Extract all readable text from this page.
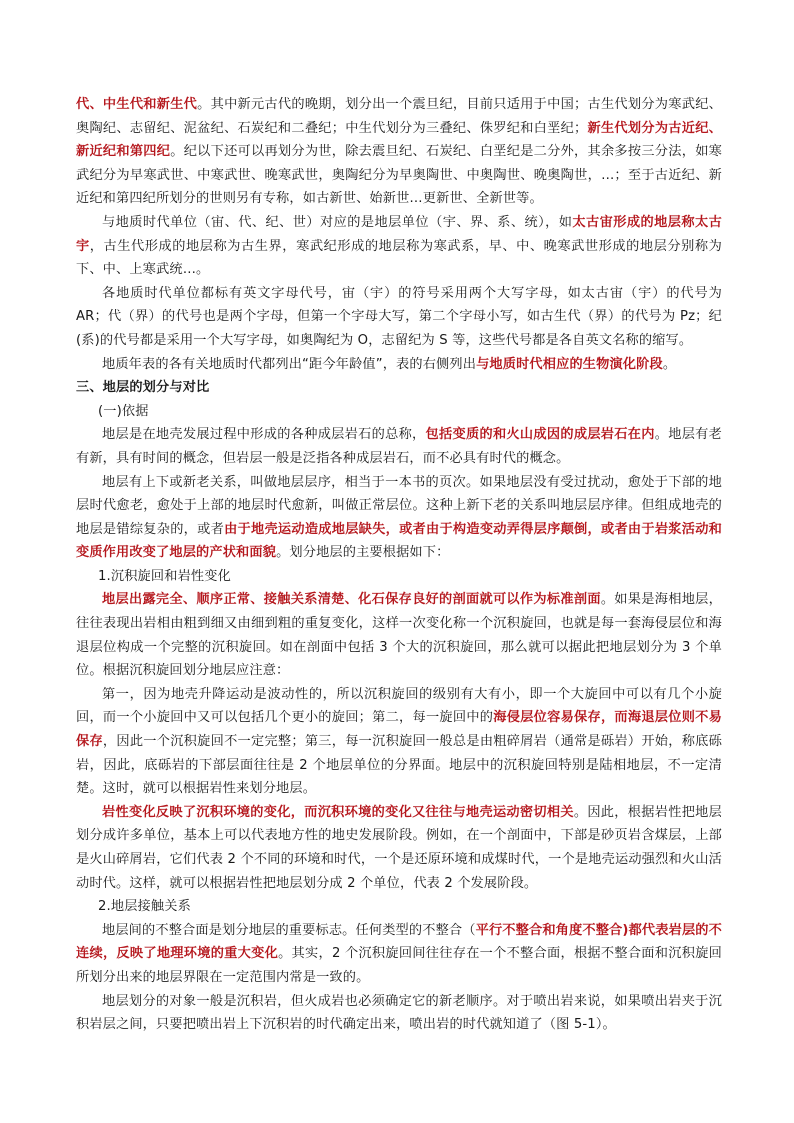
代、中生代和新生代。其中新元古代的晚期，划分出一个震旦纪，目前只适用于中国；古生代划分为寒武纪、奥陶纪、志留纪、泥盆纪、石炭纪和二叠纪；中生代划分为三叠纪、侏罗纪和白垩纪；新生代划分为古近纪、新近纪和第四纪。纪以下还可以再划分为世，除去震旦纪、石炭纪、白垩纪是二分外，其余多按三分法，如寒武纪分为早寒武世、中寒武世、晚寒武世，奥陶纪分为早奥陶世、中奥陶世、晚奥陶世，…；至于古近纪、新近纪和第四纪所划分的世则另有专称，如古新世、始新世…更新世、全新世等。

与地质时代单位（宙、代、纪、世）对应的是地层单位（宇、界、系、统），如太古宙形成的地层称太古宇，古生代形成的地层称为古生界，寒武纪形成的地层称为寒武系，早、中、晚寒武世形成的地层分别称为下、中、上寒武统…。

各地质时代单位都标有英文字母代号，宙（宇）的符号采用两个大写字母，如太古宙（宇）的代号为 AR；代（界）的代号也是两个字母，但第一个字母大写，第二个字母小写，如古生代（界）的代号为 Pz；纪(系)的代号都是采用一个大写字母，如奥陶纪为 O，志留纪为 S 等，这些代号都是各自英文名称的缩写。

地质年表的各有关地质时代都列出“距今年龄值”，表的右侧列出与地质时代相应的生物演化阶段。

三、地层的划分与对比

(一)依据

地层是在地壳发展过程中形成的各种成层岩石的总称，包括变质的和火山成因的成层岩石在内。地层有老有新，具有时间的概念，但岩层一般是泛指各种成层岩石，而不必具有时代的概念。

地层有上下或新老关系，叫做地层层序，相当于一本书的页次。如果地层没有受过扰动，愈处于下部的地层时代愈老，愈处于上部的地层时代愈新，叫做正常层位。这种上新下老的关系叫地层层序律。但组成地壳的地层是错综复杂的，或者由于地壳运动造成地层缺失，或者由于构造变动弄得层序颠倒，或者由于岩浆活动和变质作用改变了地层的产状和面貌。划分地层的主要根据如下：

1.沉积旋回和岩性变化

地层出露完全、顺序正常、接触关系清楚、化石保存良好的剖面就可以作为标准剖面。如果是海相地层，往往表现出岩相由粗到细又由细到粗的重复变化，这样一次变化称一个沉积旋回，也就是每一套海侵层位和海退层位构成一个完整的沉积旋回。如在剖面中包括 3 个大的沉积旋回，那么就可以据此把地层划分为 3 个单位。根据沉积旋回划分地层应注意：

第一，因为地壳升降运动是波动性的，所以沉积旋回的级别有大有小，即一个大旋回中可以有几个小旋回，而一个小旋回中又可以包括几个更小的旋回；第二，每一旋回中的海侵层位容易保存，而海退层位则不易保存，因此一个沉积旋回不一定完整；第三，每一沉积旋回一般总是由粗碎屑岩（通常是砾岩）开始，称底砾岩，因此，底砾岩的下部层面往往是 2 个地层单位的分界面。地层中的沉积旋回特别是陆相地层，不一定清楚。这时，就可以根据岩性来划分地层。

岩性变化反映了沉积环境的变化，而沉积环境的变化又往往与地壳运动密切相关。因此，根据岩性把地层划分成许多单位，基本上可以代表地方性的地史发展阶段。例如，在一个剖面中，下部是砂页岩含煤层，上部是火山碎屑岩，它们代表 2 个不同的环境和时代，一个是还原环境和成煤时代，一个是地壳运动强烈和火山活动时代。这样，就可以根据岩性把地层划分成 2 个单位，代表 2 个发展阶段。

2.地层接触关系

地层间的不整合面是划分地层的重要标志。任何类型的不整合（平行不整合和角度不整合)都代表岩层的不连续，反映了地理环境的重大变化。其实，2 个沉积旋回间往往存在一个不整合面，根据不整合面和沉积旋回所划分出来的地层界限在一定范围内常是一致的。

地层划分的对象一般是沉积岩，但火成岩也必须确定它的新老顺序。对于喷出岩来说，如果喷出岩夹于沉积岩层之间，只要把喷出岩上下沉积岩的时代确定出来，喷出岩的时代就知道了（图 5-1）。
